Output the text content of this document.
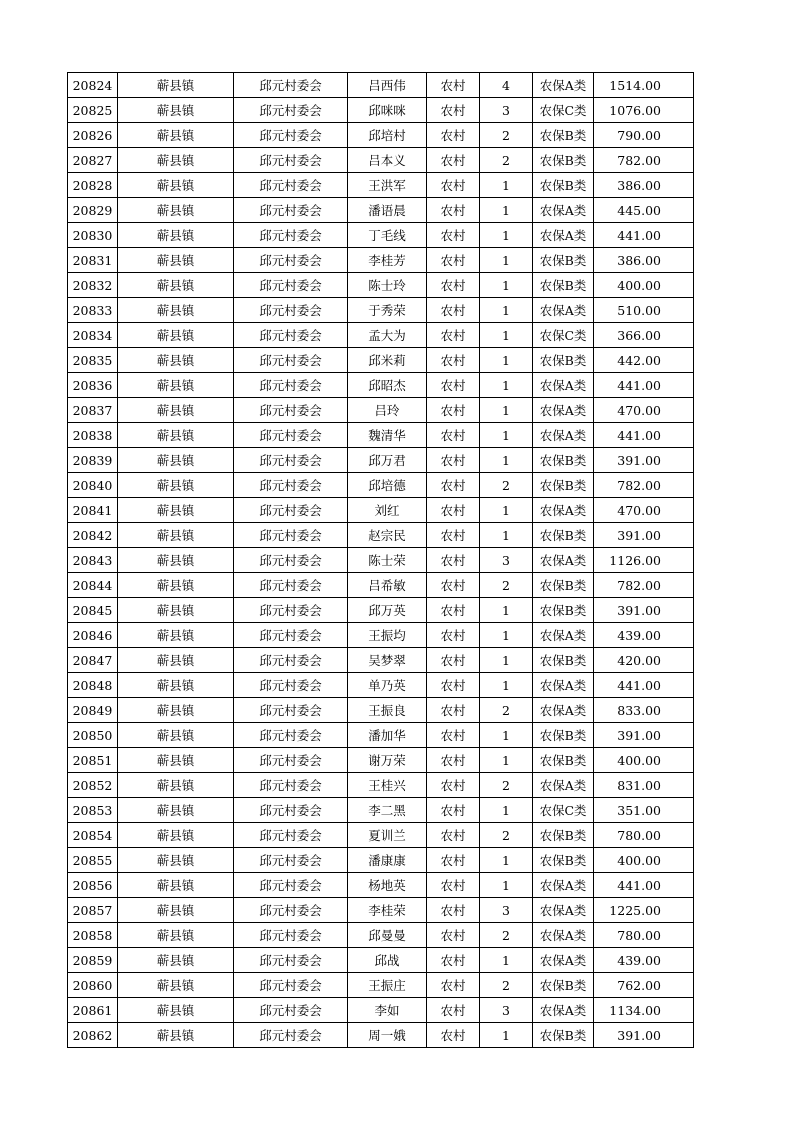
20824	蕲县镇	邱元村委会	吕西伟	农村	4	农保A类	1514.00
20825	蕲县镇	邱元村委会	邱咪咪	农村	3	农保C类	1076.00
20826	蕲县镇	邱元村委会	邱培村	农村	2	农保B类	790.00
20827	蕲县镇	邱元村委会	吕本义	农村	2	农保B类	782.00
20828	蕲县镇	邱元村委会	王洪军	农村	1	农保B类	386.00
20829	蕲县镇	邱元村委会	潘语晨	农村	1	农保A类	445.00
20830	蕲县镇	邱元村委会	丁毛线	农村	1	农保A类	441.00
20831	蕲县镇	邱元村委会	李桂芳	农村	1	农保B类	386.00
20832	蕲县镇	邱元村委会	陈士玲	农村	1	农保B类	400.00
20833	蕲县镇	邱元村委会	于秀荣	农村	1	农保A类	510.00
20834	蕲县镇	邱元村委会	孟大为	农村	1	农保C类	366.00
20835	蕲县镇	邱元村委会	邱米莉	农村	1	农保B类	442.00
20836	蕲县镇	邱元村委会	邱昭杰	农村	1	农保A类	441.00
20837	蕲县镇	邱元村委会	吕玲	农村	1	农保A类	470.00
20838	蕲县镇	邱元村委会	魏清华	农村	1	农保A类	441.00
20839	蕲县镇	邱元村委会	邱万君	农村	1	农保B类	391.00
20840	蕲县镇	邱元村委会	邱培德	农村	2	农保B类	782.00
20841	蕲县镇	邱元村委会	刘红	农村	1	农保A类	470.00
20842	蕲县镇	邱元村委会	赵宗民	农村	1	农保B类	391.00
20843	蕲县镇	邱元村委会	陈士荣	农村	3	农保A类	1126.00
20844	蕲县镇	邱元村委会	吕希敏	农村	2	农保B类	782.00
20845	蕲县镇	邱元村委会	邱万英	农村	1	农保B类	391.00
20846	蕲县镇	邱元村委会	王振均	农村	1	农保A类	439.00
20847	蕲县镇	邱元村委会	吴梦翠	农村	1	农保B类	420.00
20848	蕲县镇	邱元村委会	单乃英	农村	1	农保A类	441.00
20849	蕲县镇	邱元村委会	王振良	农村	2	农保A类	833.00
20850	蕲县镇	邱元村委会	潘加华	农村	1	农保B类	391.00
20851	蕲县镇	邱元村委会	谢万荣	农村	1	农保B类	400.00
20852	蕲县镇	邱元村委会	王桂兴	农村	2	农保A类	831.00
20853	蕲县镇	邱元村委会	李二黑	农村	1	农保C类	351.00
20854	蕲县镇	邱元村委会	夏训兰	农村	2	农保B类	780.00
20855	蕲县镇	邱元村委会	潘康康	农村	1	农保B类	400.00
20856	蕲县镇	邱元村委会	杨地英	农村	1	农保A类	441.00
20857	蕲县镇	邱元村委会	李桂荣	农村	3	农保A类	1225.00
20858	蕲县镇	邱元村委会	邱曼曼	农村	2	农保A类	780.00
20859	蕲县镇	邱元村委会	邱战	农村	1	农保A类	439.00
20860	蕲县镇	邱元村委会	王振庄	农村	2	农保B类	762.00
20861	蕲县镇	邱元村委会	李如	农村	3	农保A类	1134.00
20862	蕲县镇	邱元村委会	周一娥	农村	1	农保B类	391.00
